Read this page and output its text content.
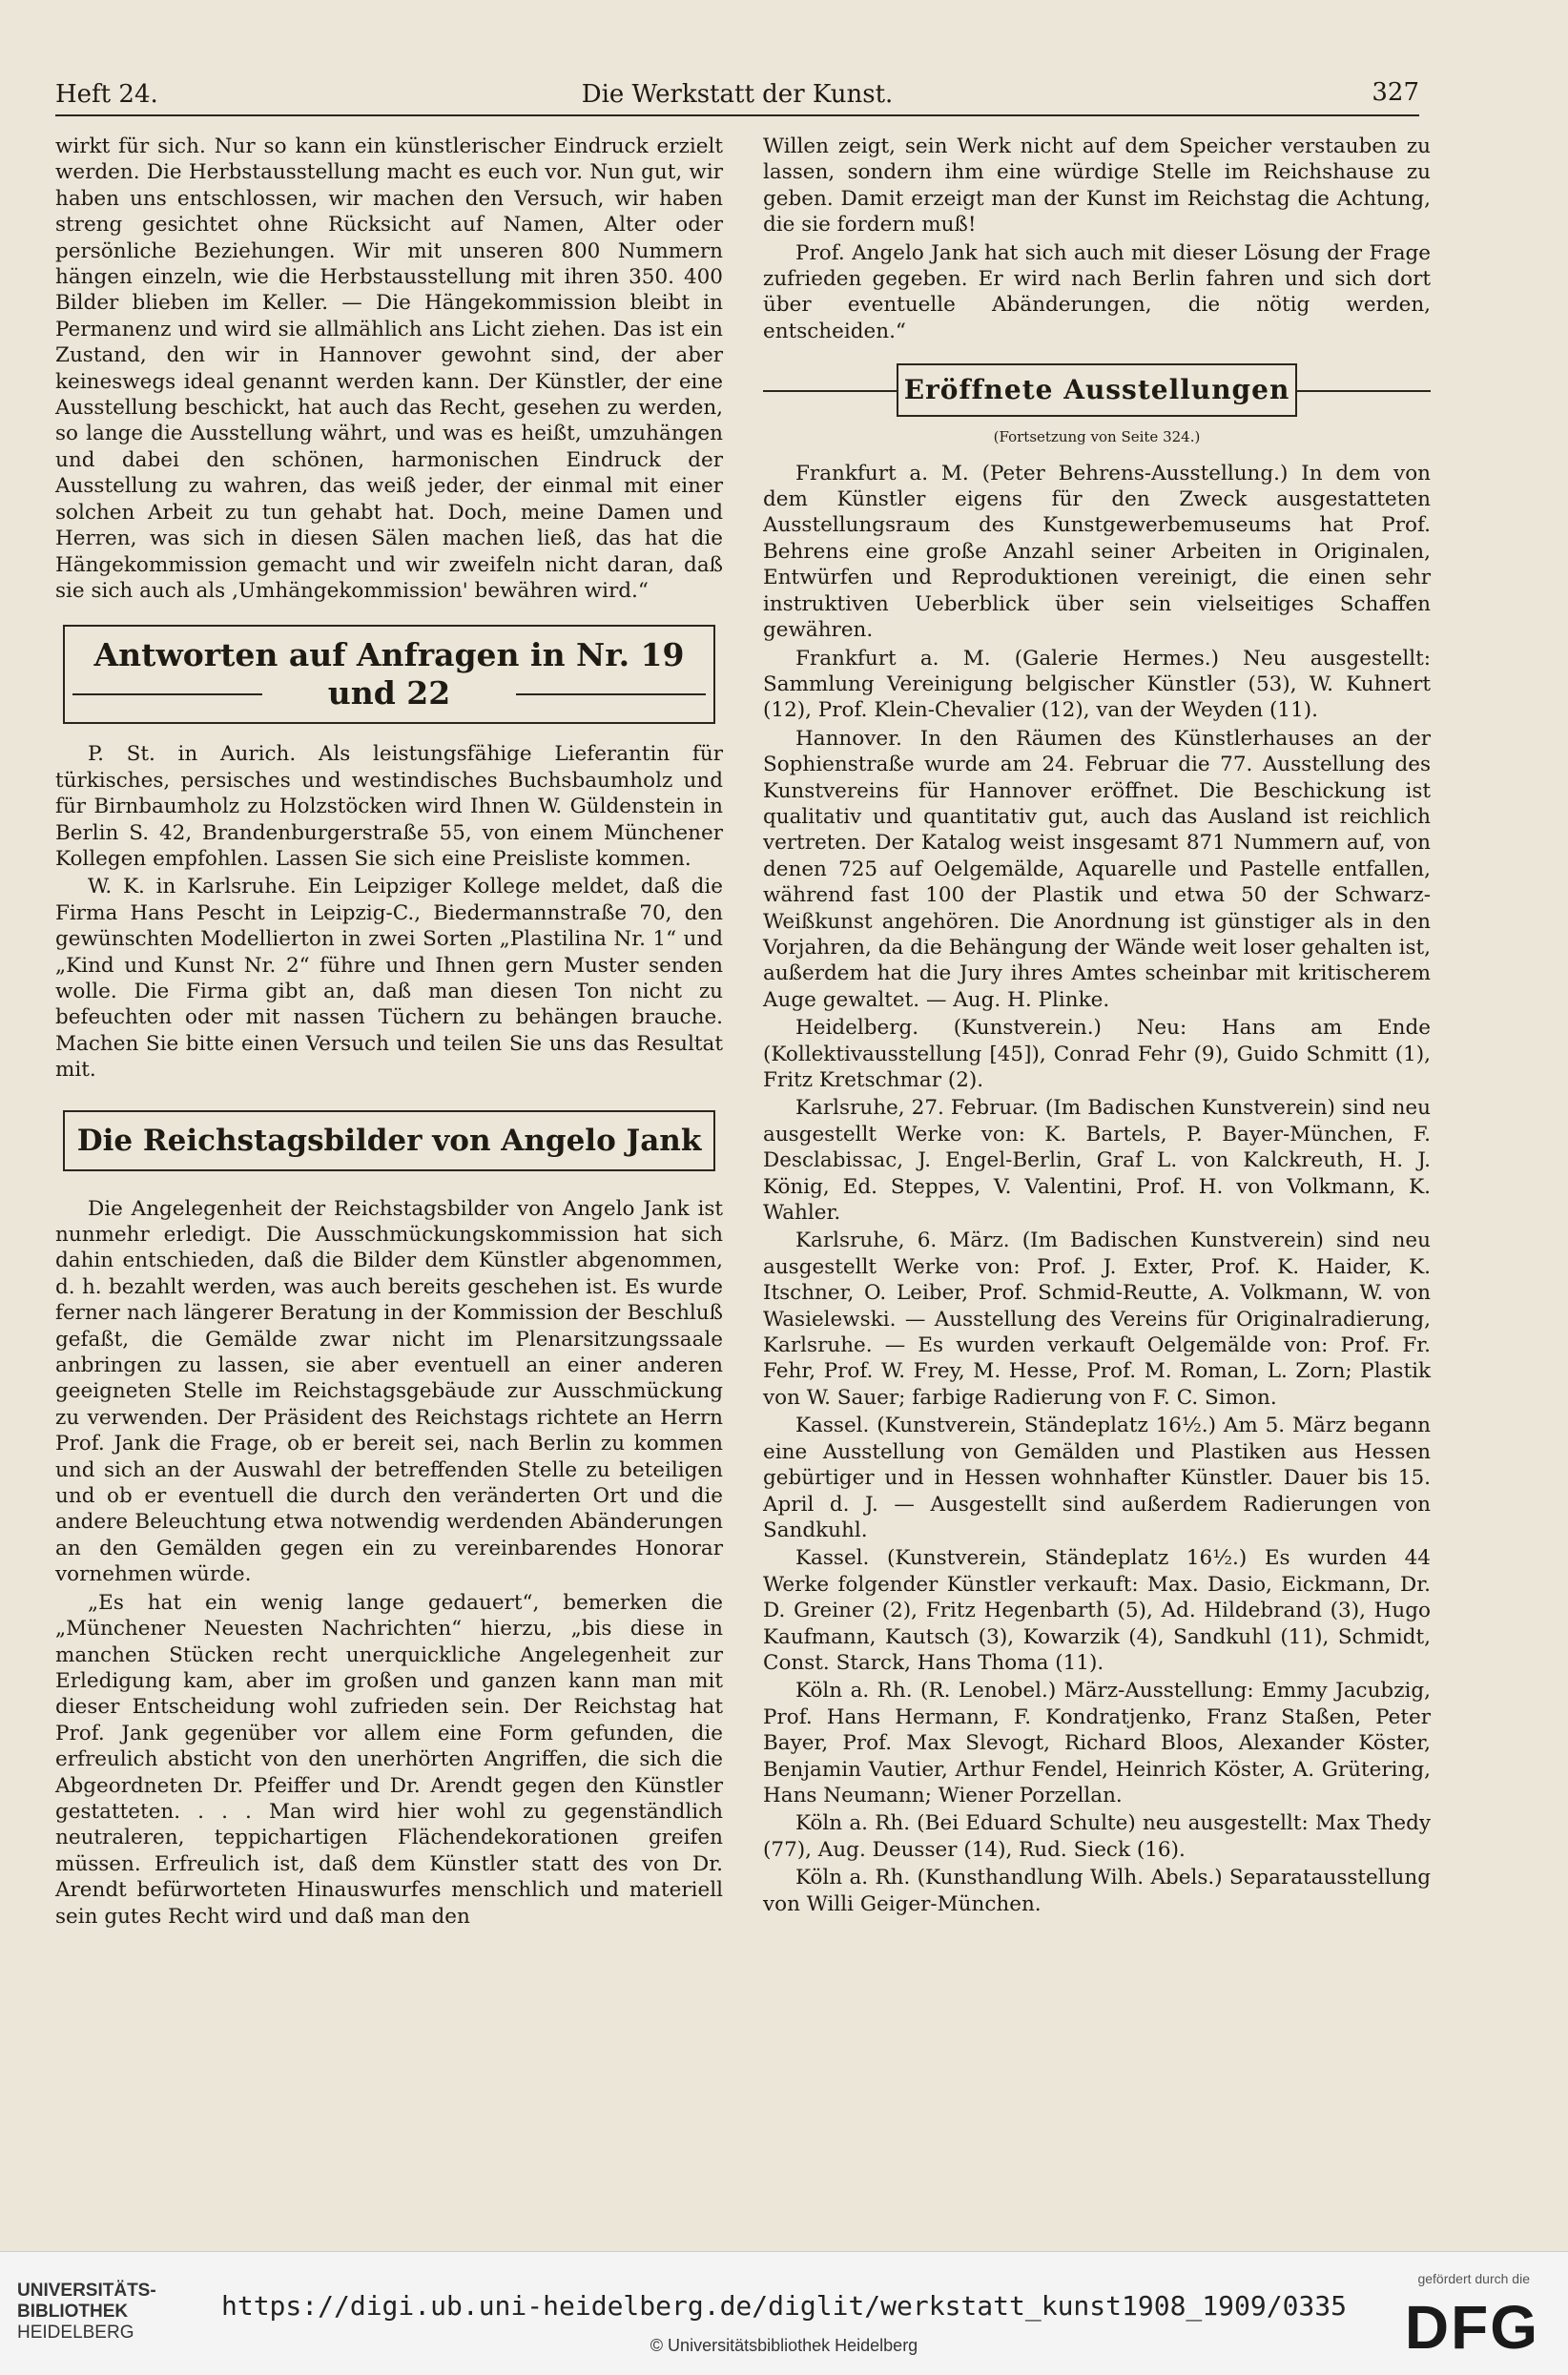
Heft 24.	Die Werkstatt der Kunst.	327

wirkt für sich. Nur so kann ein künstlerischer Eindruck erzielt werden. Die Herbstausstellung macht es euch vor. Nun gut, wir haben uns entschlossen, wir machen den Versuch, wir haben streng gesichtet ohne Rücksicht auf Namen, Alter oder persönliche Beziehungen. Wir mit unseren 800 Nummern hängen einzeln, wie die Herbstausstellung mit ihren 350. 400 Bilder blieben im Keller. — Die Hängekommission bleibt in Permanenz und wird sie allmählich ans Licht ziehen. Das ist ein Zustand, den wir in Hannover gewohnt sind, der aber keineswegs ideal genannt werden kann. Der Künstler, der eine Ausstellung beschickt, hat auch das Recht, gesehen zu werden, so lange die Ausstellung währt, und was es heißt, umzuhängen und dabei den schönen, harmonischen Eindruck der Ausstellung zu wahren, das weiß jeder, der einmal mit einer solchen Arbeit zu tun gehabt hat. Doch, meine Damen und Herren, was sich in diesen Sälen machen ließ, das hat die Hängekommission gemacht und wir zweifeln nicht daran, daß sie sich auch als ‚Umhängekommission' bewähren wird.“

Antworten auf Anfragen in Nr. 19
und 22

P. St. in Aurich. Als leistungsfähige Lieferantin für türkisches, persisches und westindisches Buchsbaumholz und für Birnbaumholz zu Holzstöcken wird Ihnen W. Güldenstein in Berlin S. 42, Brandenburgerstraße 55, von einem Münchener Kollegen empfohlen. Lassen Sie sich eine Preisliste kommen.

W. K. in Karlsruhe. Ein Leipziger Kollege meldet, daß die Firma Hans Pescht in Leipzig-C., Biedermannstraße 70, den gewünschten Modellierton in zwei Sorten „Plastilina Nr. 1“ und „Kind und Kunst Nr. 2“ führe und Ihnen gern Muster senden wolle. Die Firma gibt an, daß man diesen Ton nicht zu befeuchten oder mit nassen Tüchern zu behängen brauche. Machen Sie bitte einen Versuch und teilen Sie uns das Resultat mit.

Die Reichstagsbilder von Angelo Jank

Die Angelegenheit der Reichstagsbilder von Angelo Jank ist nunmehr erledigt. Die Ausschmückungskommission hat sich dahin entschieden, daß die Bilder dem Künstler abgenommen, d. h. bezahlt werden, was auch bereits geschehen ist. Es wurde ferner nach längerer Beratung in der Kommission der Beschluß gefaßt, die Gemälde zwar nicht im Plenarsitzungssaale anbringen zu lassen, sie aber eventuell an einer anderen geeigneten Stelle im Reichstagsgebäude zur Ausschmückung zu verwenden. Der Präsident des Reichstags richtete an Herrn Prof. Jank die Frage, ob er bereit sei, nach Berlin zu kommen und sich an der Auswahl der betreffenden Stelle zu beteiligen und ob er eventuell die durch den veränderten Ort und die andere Beleuchtung etwa notwendig werdenden Abänderungen an den Gemälden gegen ein zu vereinbarendes Honorar vornehmen würde.

„Es hat ein wenig lange gedauert“, bemerken die „Münchener Neuesten Nachrichten“ hierzu, „bis diese in manchen Stücken recht unerquickliche Angelegenheit zur Erledigung kam, aber im großen und ganzen kann man mit dieser Entscheidung wohl zufrieden sein. Der Reichstag hat Prof. Jank gegenüber vor allem eine Form gefunden, die erfreulich absticht von den unerhörten Angriffen, die sich die Abgeordneten Dr. Pfeiffer und Dr. Arendt gegen den Künstler gestatteten. . . . Man wird hier wohl zu gegenständlich neutraleren, teppichartigen Flächendekorationen greifen müssen. Erfreulich ist, daß dem Künstler statt des von Dr. Arendt befürworteten Hinauswurfes menschlich und materiell sein gutes Recht wird und daß man den

Willen zeigt, sein Werk nicht auf dem Speicher verstauben zu lassen, sondern ihm eine würdige Stelle im Reichshause zu geben. Damit erzeigt man der Kunst im Reichstag die Achtung, die sie fordern muß!

Prof. Angelo Jank hat sich auch mit dieser Lösung der Frage zufrieden gegeben. Er wird nach Berlin fahren und sich dort über eventuelle Abänderungen, die nötig werden, entscheiden.“

Eröffnete Ausstellungen
(Fortsetzung von Seite 324.)

Frankfurt a. M. (Peter Behrens-Ausstellung.) In dem von dem Künstler eigens für den Zweck ausgestatteten Ausstellungsraum des Kunstgewerbemuseums hat Prof. Behrens eine große Anzahl seiner Arbeiten in Originalen, Entwürfen und Reproduktionen vereinigt, die einen sehr instruktiven Ueberblick über sein vielseitiges Schaffen gewähren.

Frankfurt a. M. (Galerie Hermes.) Neu ausgestellt: Sammlung Vereinigung belgischer Künstler (53), W. Kuhnert (12), Prof. Klein-Chevalier (12), van der Weyden (11).

Hannover. In den Räumen des Künstlerhauses an der Sophienstraße wurde am 24. Februar die 77. Ausstellung des Kunstvereins für Hannover eröffnet. Die Beschickung ist qualitativ und quantitativ gut, auch das Ausland ist reichlich vertreten. Der Katalog weist insgesamt 871 Nummern auf, von denen 725 auf Oelgemälde, Aquarelle und Pastelle entfallen, während fast 100 der Plastik und etwa 50 der Schwarz-Weißkunst angehören. Die Anordnung ist günstiger als in den Vorjahren, da die Behängung der Wände weit loser gehalten ist, außerdem hat die Jury ihres Amtes scheinbar mit kritischerem Auge gewaltet. — Aug. H. Plinke.

Heidelberg. (Kunstverein.) Neu: Hans am Ende (Kollektivausstellung [45]), Conrad Fehr (9), Guido Schmitt (1), Fritz Kretschmar (2).

Karlsruhe, 27. Februar. (Im Badischen Kunstverein) sind neu ausgestellt Werke von: K. Bartels, P. Bayer-München, F. Desclabissac, J. Engel-Berlin, Graf L. von Kalckreuth, H. J. König, Ed. Steppes, V. Valentini, Prof. H. von Volkmann, K. Wahler.

Karlsruhe, 6. März. (Im Badischen Kunstverein) sind neu ausgestellt Werke von: Prof. J. Exter, Prof. K. Haider, K. Itschner, O. Leiber, Prof. Schmid-Reutte, A. Volkmann, W. von Wasielewski. — Ausstellung des Vereins für Originalradierung, Karlsruhe. — Es wurden verkauft Oelgemälde von: Prof. Fr. Fehr, Prof. W. Frey, M. Hesse, Prof. M. Roman, L. Zorn; Plastik von W. Sauer; farbige Radierung von F. C. Simon.

Kassel. (Kunstverein, Ständeplatz 16½.) Am 5. März begann eine Ausstellung von Gemälden und Plastiken aus Hessen gebürtiger und in Hessen wohnhafter Künstler. Dauer bis 15. April d. J. — Ausgestellt sind außerdem Radierungen von Sandkuhl.

Kassel. (Kunstverein, Ständeplatz 16½.) Es wurden 44 Werke folgender Künstler verkauft: Max. Dasio, Eickmann, Dr. D. Greiner (2), Fritz Hegenbarth (5), Ad. Hildebrand (3), Hugo Kaufmann, Kautsch (3), Kowarzik (4), Sandkuhl (11), Schmidt, Const. Starck, Hans Thoma (11).

Köln a. Rh. (R. Lenobel.) März-Ausstellung: Emmy Jacubzig, Prof. Hans Hermann, F. Kondratjenko, Franz Staßen, Peter Bayer, Prof. Max Slevogt, Richard Bloos, Alexander Köster, Benjamin Vautier, Arthur Fendel, Heinrich Köster, A. Grütering, Hans Neumann; Wiener Porzellan.

Köln a. Rh. (Bei Eduard Schulte) neu ausgestellt: Max Thedy (77), Aug. Deusser (14), Rud. Sieck (16).

Köln a. Rh. (Kunsthandlung Wilh. Abels.) Separatausstellung von Willi Geiger-München.

UNIVERSITÄTS-
BIBLIOTHEK
HEIDELBERG
https://digi.ub.uni-heidelberg.de/diglit/werkstatt_kunst1908_1909/0335
© Universitätsbibliothek Heidelberg
gefördert durch die
DFG
